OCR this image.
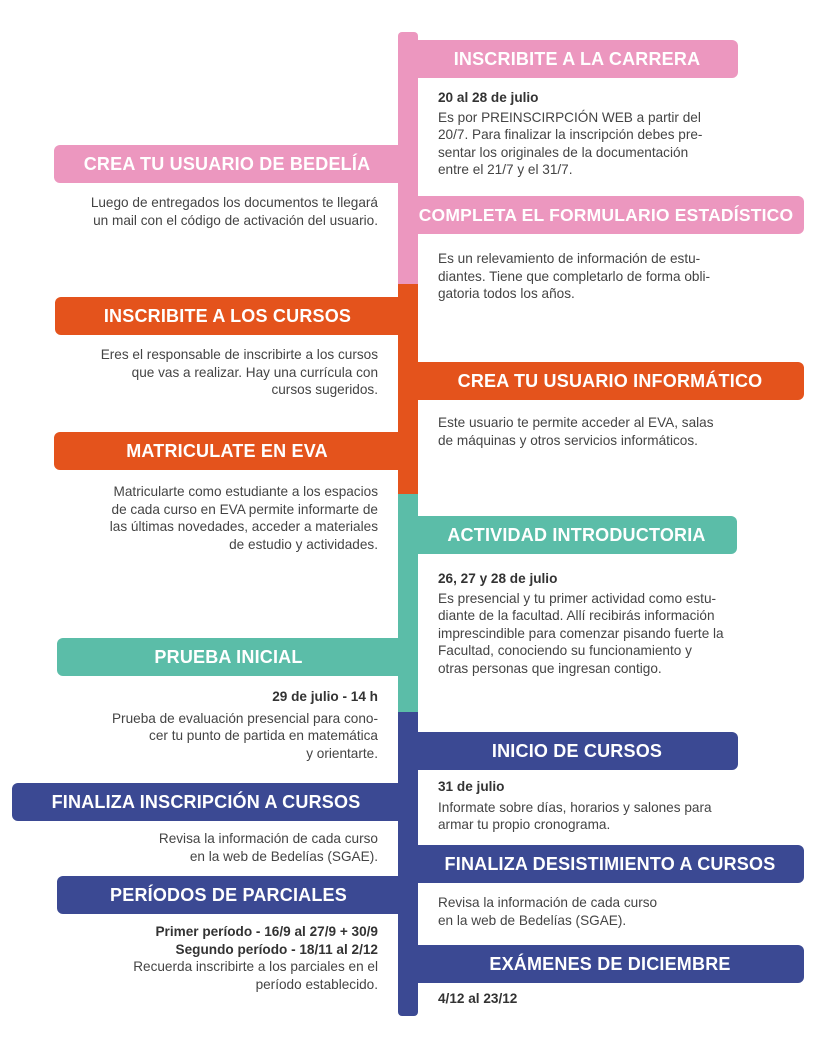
INSCRIBITE A LA CARRERA
20 al 28 de julio
Es por PREINSCIRPCIÓN WEB a partir del
20/7. Para finalizar la inscripción debes pre-
sentar los originales de la documentación
entre el 21/7 y el 31/7.
CREA TU USUARIO DE BEDELÍA
Luego de entregados los documentos te llegará
un mail con el código de activación del usuario.	COMPLETA EL FORMULARIO ESTADÍSTICO
Es un relevamiento de información de estu-
diantes. Tiene que completarlo de forma obli-
gatoria todos los años.
INSCRIBITE A LOS CURSOS
Eres el responsable de inscribirte a los cursos
que vas a realizar. Hay una currícula con
cursos sugeridos.	CREA TU USUARIO INFORMÁTICO
Este usuario te permite acceder al EVA, salas
de máquinas y otros servicios informáticos.
MATRICULATE EN EVA
Matricularte como estudiante a los espacios
de cada curso en EVA permite informarte de
las últimas novedades, acceder a materiales
de estudio y actividades.	ACTIVIDAD INTRODUCTORIA
26, 27 y 28 de julio
Es presencial y tu primer actividad como estu-
diante de la facultad. Allí recibirás información
imprescindible para comenzar pisando fuerte la
Facultad, conociendo su funcionamiento y
otras personas que ingresan contigo.
PRUEBA INICIAL
29 de julio - 14 h
Prueba de evaluación presencial para cono-
cer tu punto de partida en matemática
y orientarte.	INICIO DE CURSOS
31 de julio
Informate sobre días, horarios y salones para
armar tu propio cronograma.
FINALIZA INSCRIPCIÓN A CURSOS
Revisa la información de cada curso
en la web de Bedelías (SGAE).	FINALIZA DESISTIMIENTO A CURSOS
Revisa la información de cada curso
en la web de Bedelías (SGAE).
PERÍODOS DE PARCIALES
Primer período - 16/9 al 27/9 + 30/9
Segundo período - 18/11 al 2/12
Recuerda inscribirte a los parciales en el
período establecido.
EXÁMENES DE DICIEMBRE
4/12 al 23/12
